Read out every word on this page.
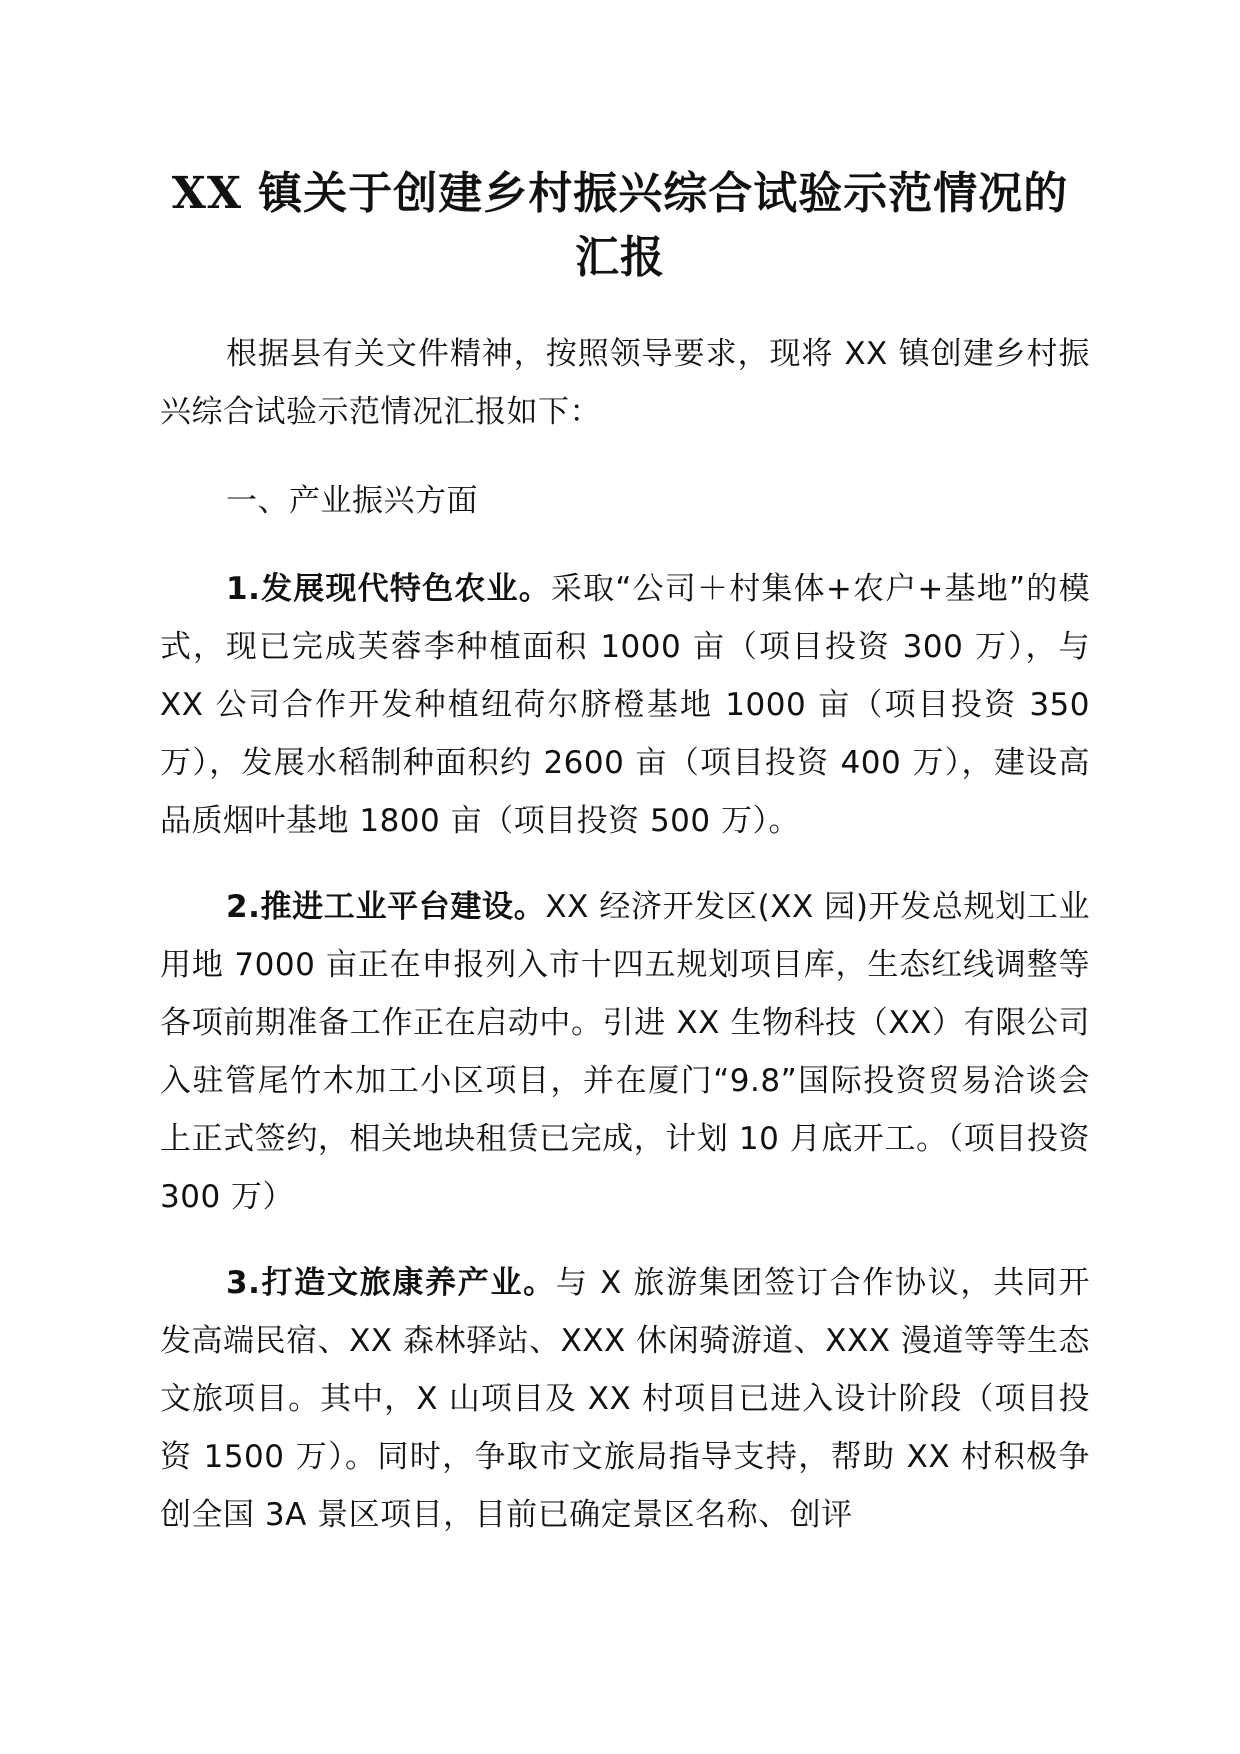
XX 镇关于创建乡村振兴综合试验示范情况的汇报

根据县有关文件精神，按照领导要求，现将 XX 镇创建乡村振兴综合试验示范情况汇报如下：

一、产业振兴方面

1.发展现代特色农业。采取“公司＋村集体+农户+基地”的模式，现已完成芙蓉李种植面积 1000 亩（项目投资 300 万），与 XX 公司合作开发种植纽荷尔脐橙基地 1000 亩（项目投资 350 万），发展水稻制种面积约 2600 亩（项目投资 400 万），建设高品质烟叶基地 1800 亩（项目投资 500 万）。

2.推进工业平台建设。XX 经济开发区(XX 园)开发总规划工业用地 7000 亩正在申报列入市十四五规划项目库，生态红线调整等各项前期准备工作正在启动中。引进 XX 生物科技（XX）有限公司入驻管尾竹木加工小区项目，并在厦门“9.8”国际投资贸易洽谈会上正式签约，相关地块租赁已完成，计划 10 月底开工。（项目投资 300 万）

3.打造文旅康养产业。与 X 旅游集团签订合作协议，共同开发高端民宿、XX 森林驿站、XXX 休闲骑游道、XXX 漫道等等生态文旅项目。其中，X 山项目及 XX 村项目已进入设计阶段（项目投资 1500 万）。同时，争取市文旅局指导支持，帮助 XX 村积极争创全国 3A 景区项目，目前已确定景区名称、创评
